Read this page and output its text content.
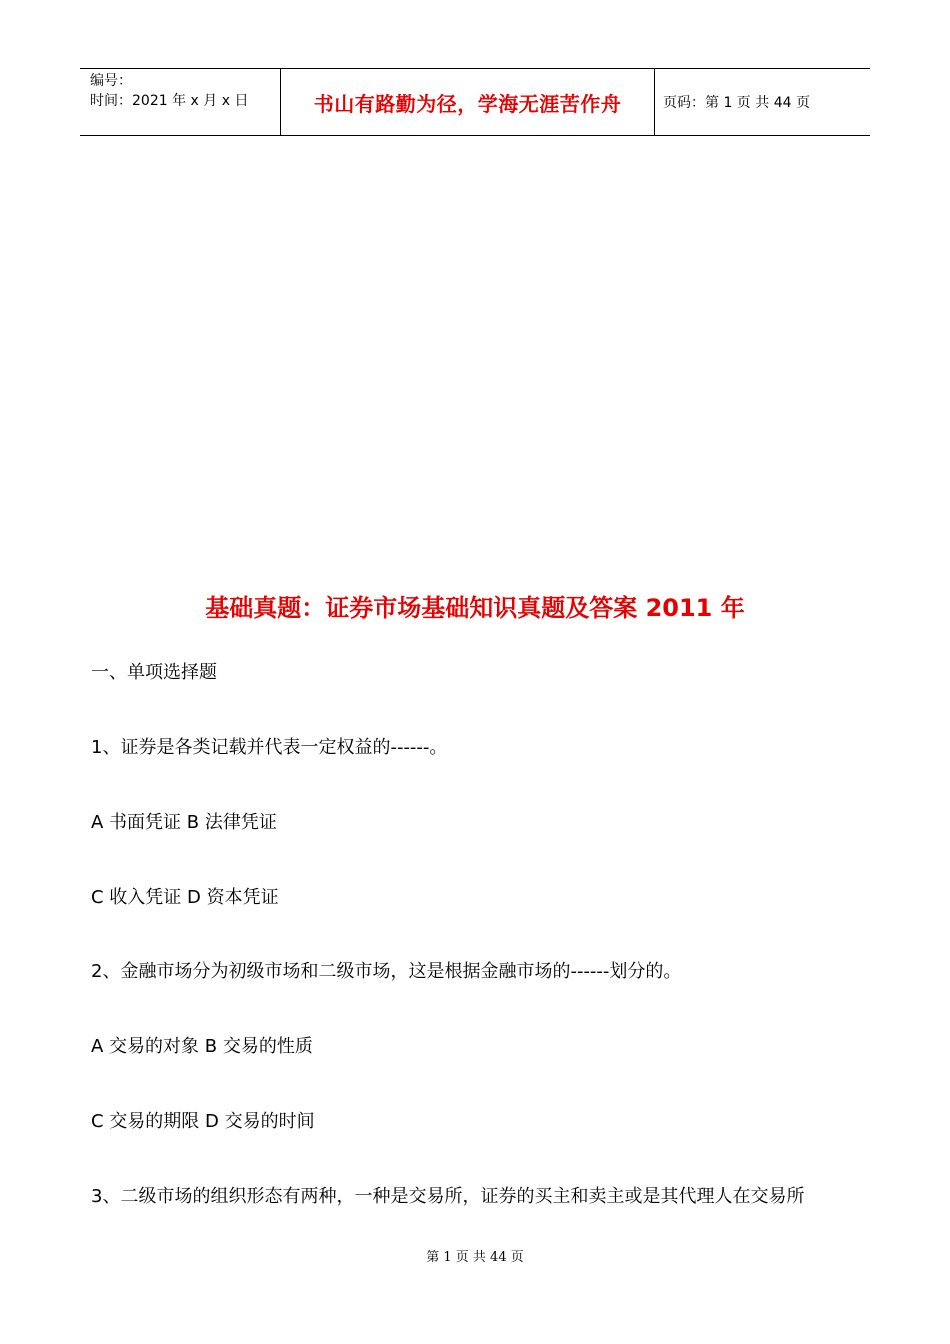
编号：
时间：2021 年 x 月 x 日	书山有路勤为径，学海无涯苦作舟	页码：第 1 页 共 44 页
基础真题：证券市场基础知识真题及答案 2011 年
一、单项选择题
1、证券是各类记载并代表一定权益的------。
A 书面凭证 B 法律凭证
C 收入凭证 D 资本凭证
2、金融市场分为初级市场和二级市场，这是根据金融市场的------划分的。
A 交易的对象 B 交易的性质
C 交易的期限 D 交易的时间
3、二级市场的组织形态有两种，一种是交易所，证券的买主和卖主或是其代理人在交易所
第 1 页 共 44 页
